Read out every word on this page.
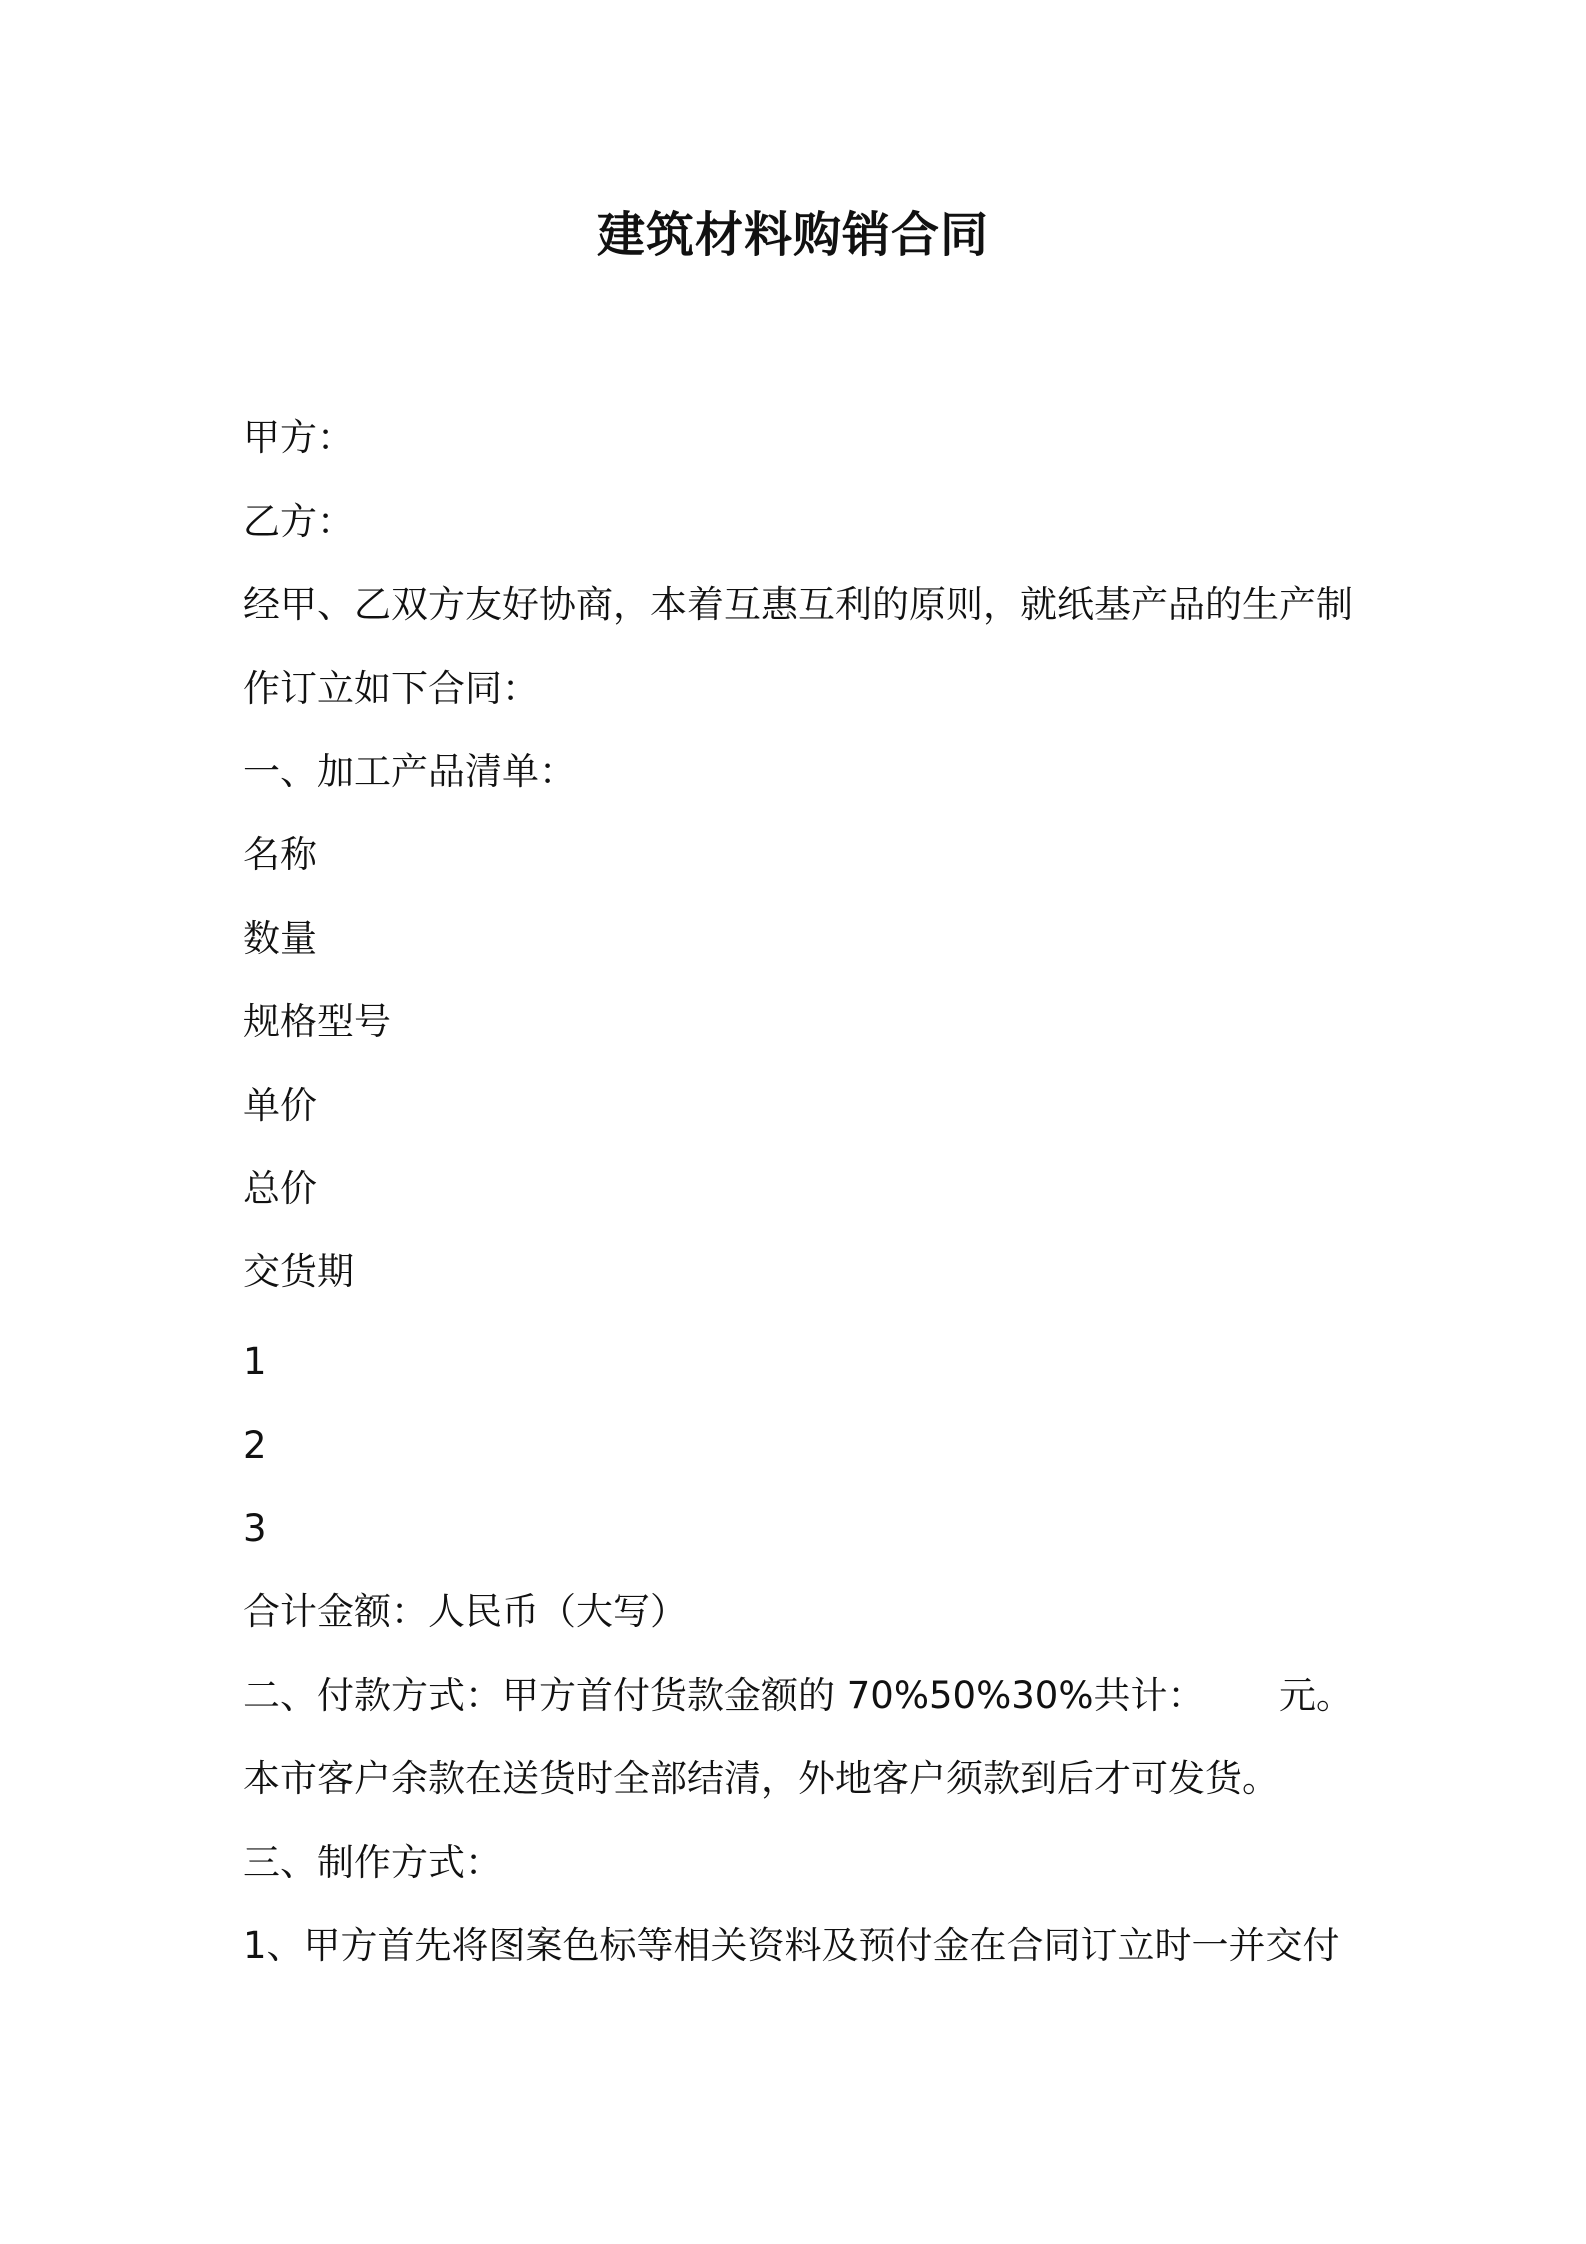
建筑材料购销合同
甲方：
乙方：
经甲、乙双方友好协商，本着互惠互利的原则，就纸基产品的生产制
作订立如下合同：
一、加工产品清单：
名称
数量
规格型号
单价
总价
交货期
1
2
3
合计金额：人民币（大写）
二、付款方式：甲方首付货款金额的 70%50%30%共计： 元。
本市客户余款在送货时全部结清，外地客户须款到后才可发货。
三、制作方式：
1、甲方首先将图案色标等相关资料及预付金在合同订立时一并交付
